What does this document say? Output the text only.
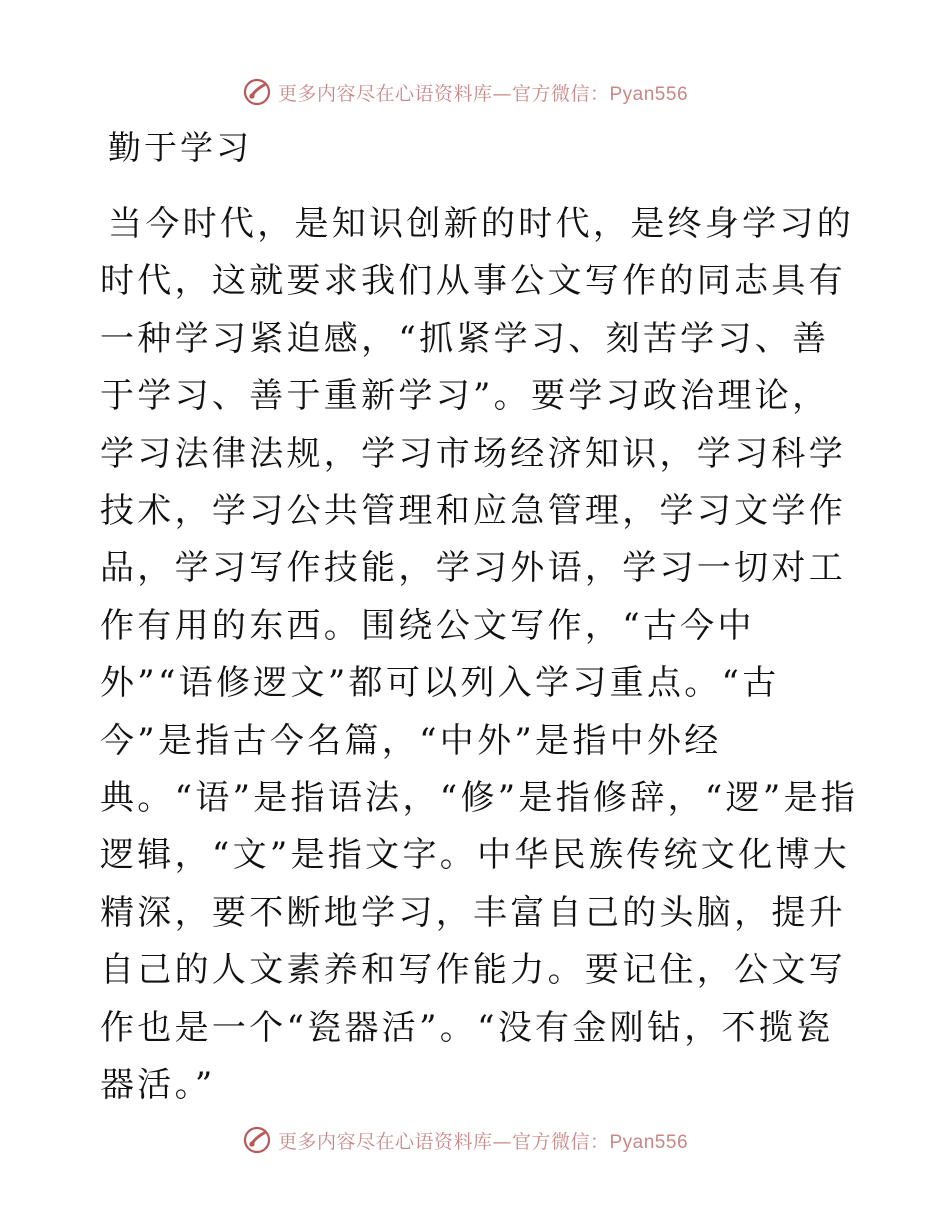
更多内容尽在心语资料库—官方微信：Pyan556
勤于学习

当今时代，是知识创新的时代，是终身学习的时代，这就要求我们从事公文写作的同志具有一种学习紧迫感，“抓紧学习、刻苦学习、善于学习、善于重新学习”。要学习政治理论，学习法律法规，学习市场经济知识，学习科学技术，学习公共管理和应急管理，学习文学作品，学习写作技能，学习外语，学习一切对工作有用的东西。围绕公文写作，“古今中外”“语修逻文”都可以列入学习重点。“古今”是指古今名篇，“中外”是指中外经典。“语”是指语法，“修”是指修辞，“逻”是指逻辑，“文”是指文字。中华民族传统文化博大精深，要不断地学习，丰富自己的头脑，提升自己的人文素养和写作能力。要记住，公文写作也是一个“瓷器活”。“没有金刚钻，不揽瓷器活。”

更多内容尽在心语资料库—官方微信：Pyan556
